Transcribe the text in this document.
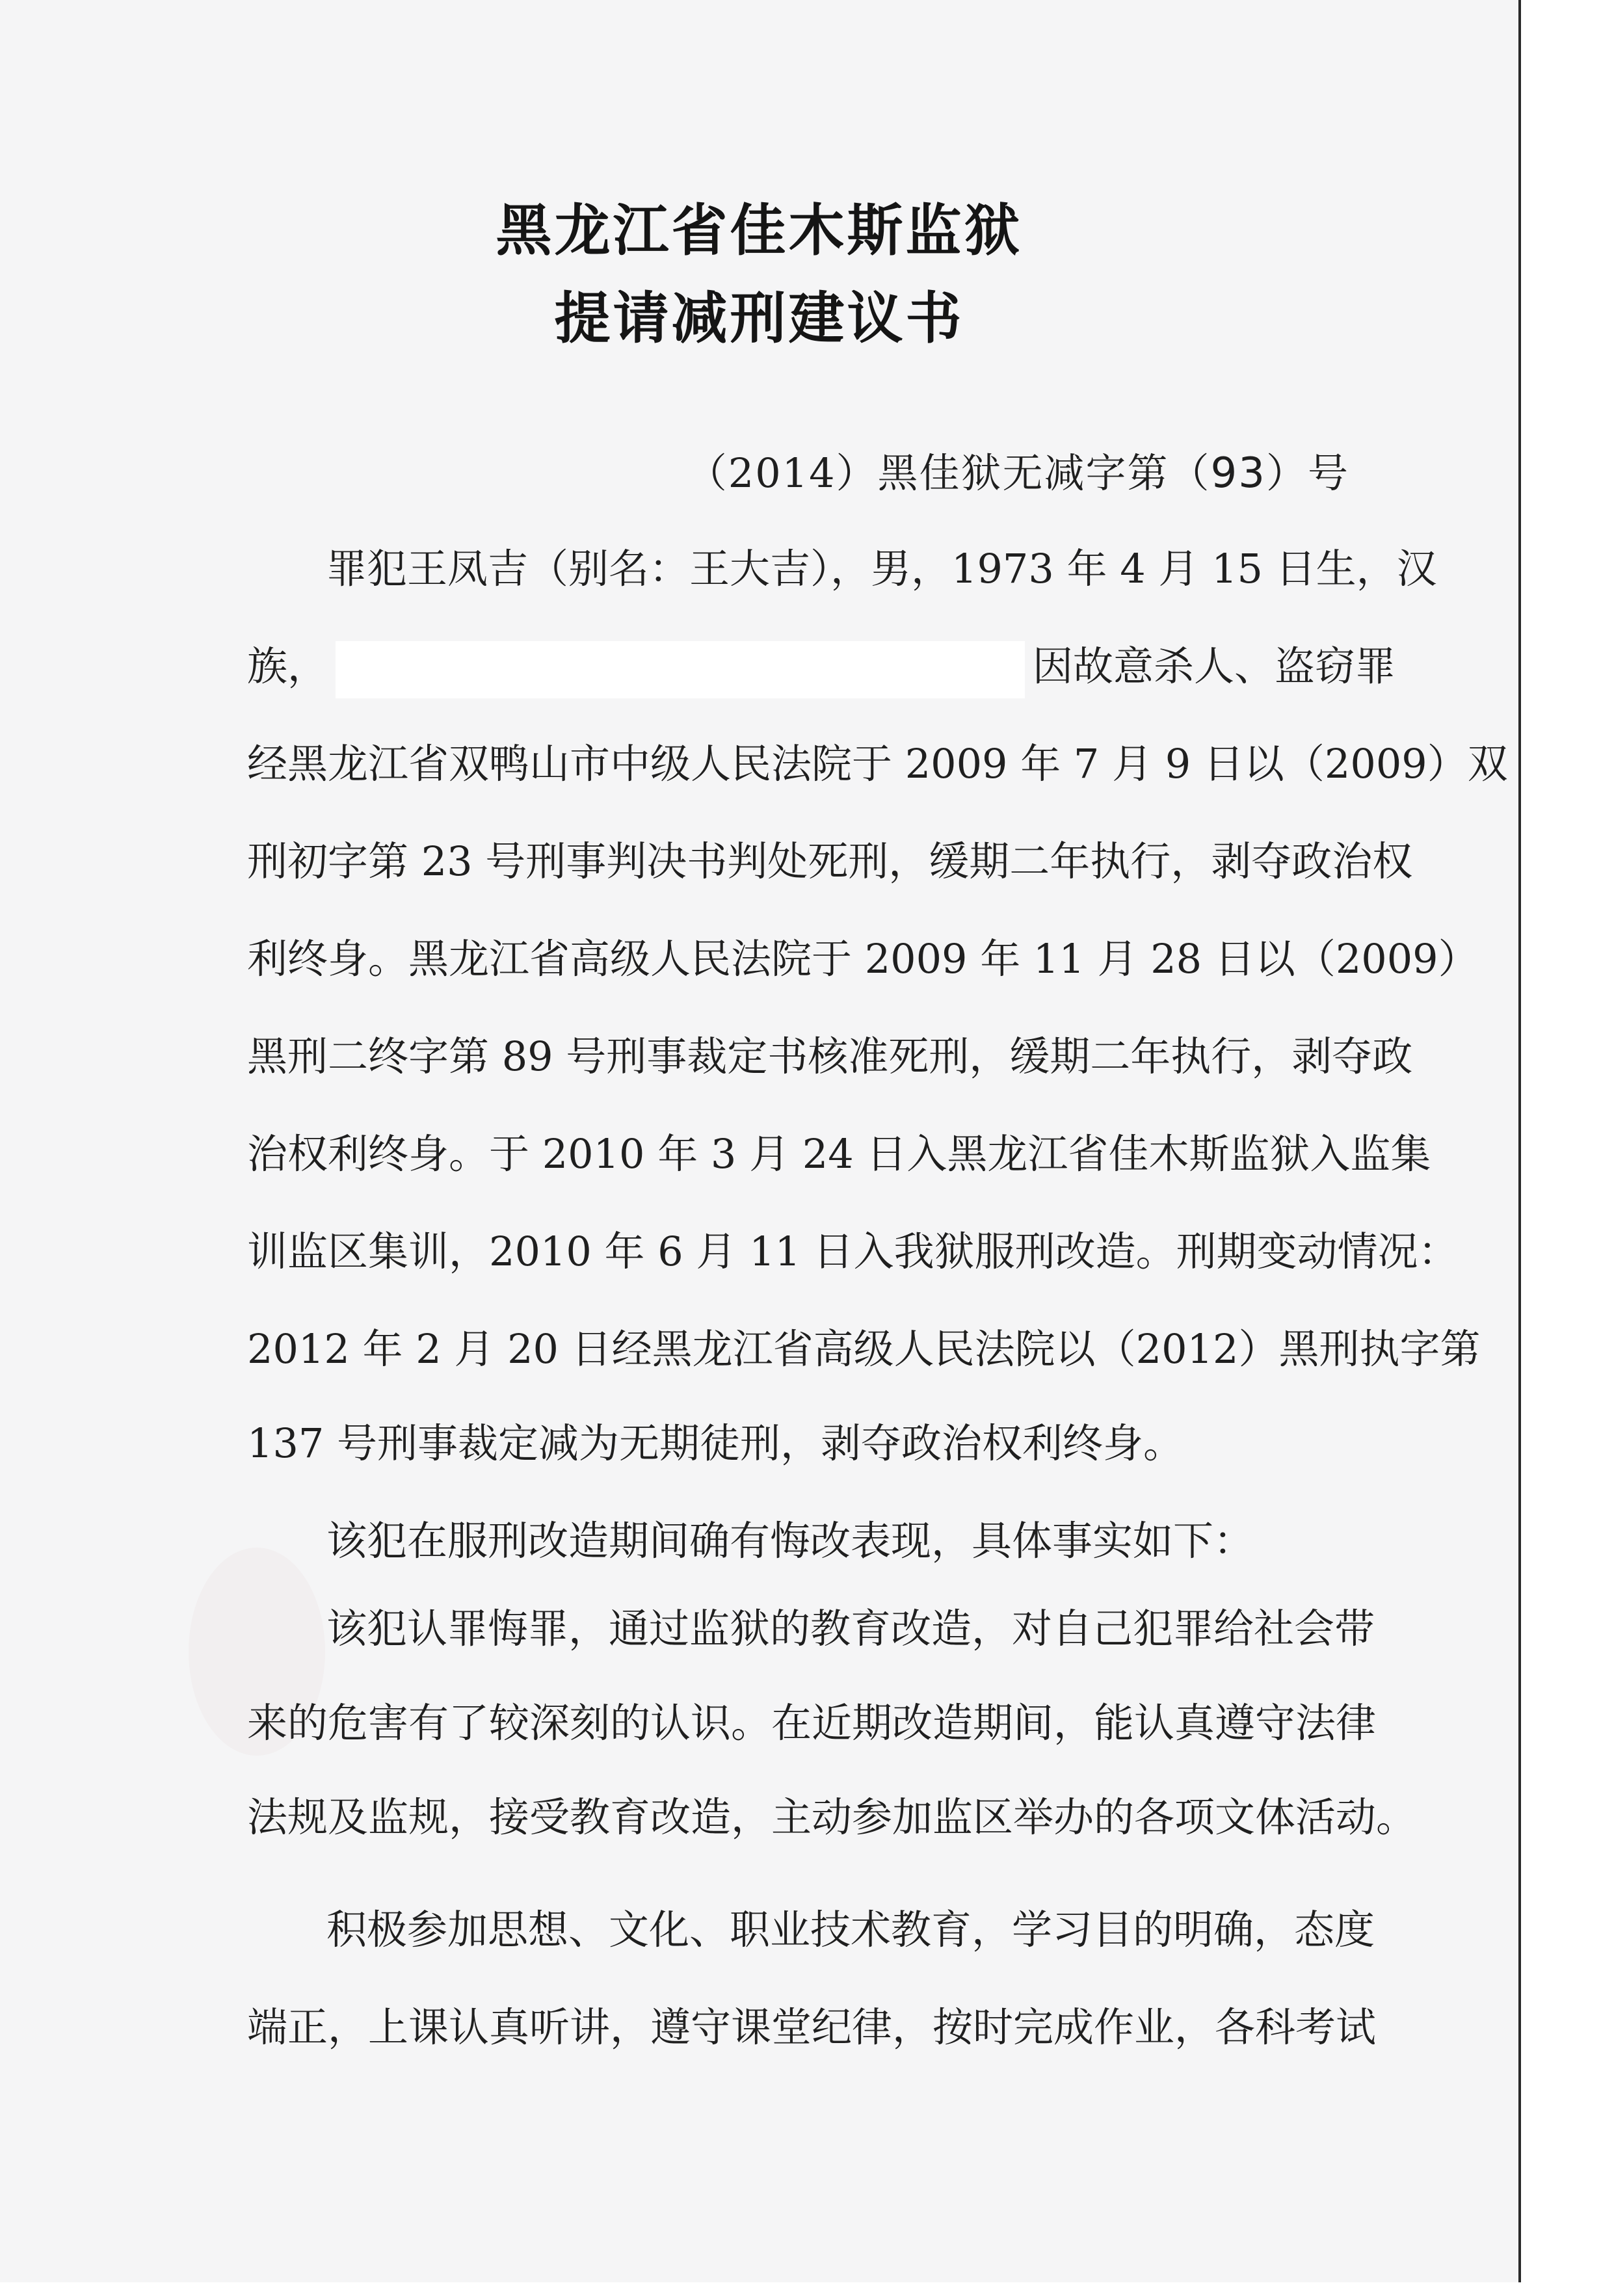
黑龙江省佳木斯监狱
提请减刑建议书
（2014）黑佳狱无减字第（93）号
罪犯王凤吉（别名：王大吉），男，1973 年 4 月 15 日生，汉
族，	因故意杀人、盗窃罪
经黑龙江省双鸭山市中级人民法院于 2009 年 7 月 9 日以（2009）双
刑初字第 23 号刑事判决书判处死刑，缓期二年执行，剥夺政治权
利终身。黑龙江省高级人民法院于 2009 年 11 月 28 日以（2009）
黑刑二终字第 89 号刑事裁定书核准死刑，缓期二年执行，剥夺政
治权利终身。于 2010 年 3 月 24 日入黑龙江省佳木斯监狱入监集
训监区集训，2010 年 6 月 11 日入我狱服刑改造。刑期变动情况：
2012 年 2 月 20 日经黑龙江省高级人民法院以（2012）黑刑执字第
137 号刑事裁定减为无期徒刑，剥夺政治权利终身。
该犯在服刑改造期间确有悔改表现，具体事实如下：
该犯认罪悔罪，通过监狱的教育改造，对自己犯罪给社会带
来的危害有了较深刻的认识。在近期改造期间，能认真遵守法律
法规及监规，接受教育改造，主动参加监区举办的各项文体活动。
积极参加思想、文化、职业技术教育，学习目的明确，态度
端正，上课认真听讲，遵守课堂纪律，按时完成作业，各科考试
